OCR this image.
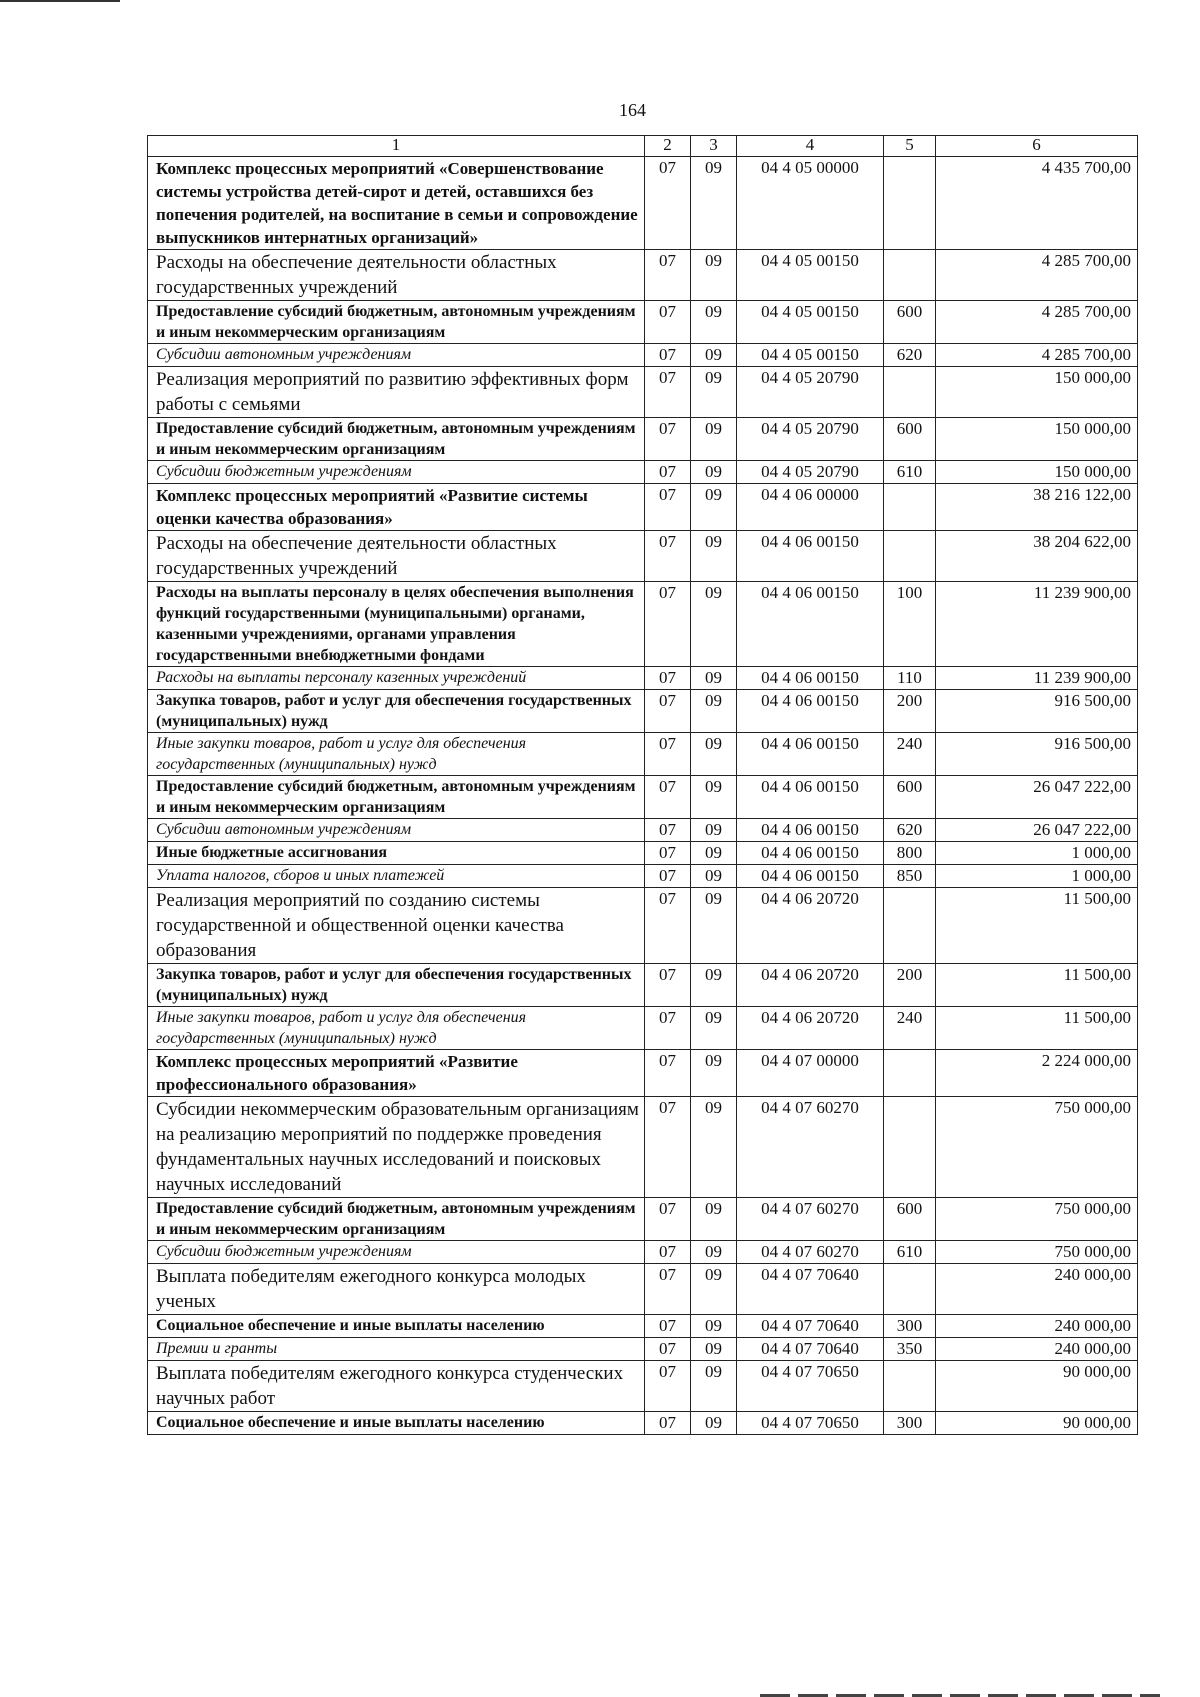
164
1	2	3	4	5	6
Комплекс процессных мероприятий «Совершенствование системы устройства детей-сирот и детей, оставшихся без попечения родителей, на воспитание в семьи и сопровождение выпускников интернатных организаций»	07	09	04 4 05 00000		4 435 700,00
Расходы на обеспечение деятельности областных государственных учреждений	07	09	04 4 05 00150		4 285 700,00
Предоставление субсидий бюджетным, автономным учреждениям и иным некоммерческим организациям	07	09	04 4 05 00150	600	4 285 700,00
Субсидии автономным учреждениям	07	09	04 4 05 00150	620	4 285 700,00
Реализация мероприятий по развитию эффективных форм работы с семьями	07	09	04 4 05 20790		150 000,00
Предоставление субсидий бюджетным, автономным учреждениям и иным некоммерческим организациям	07	09	04 4 05 20790	600	150 000,00
Субсидии бюджетным учреждениям	07	09	04 4 05 20790	610	150 000,00
Комплекс процессных мероприятий «Развитие системы оценки качества образования»	07	09	04 4 06 00000		38 216 122,00
Расходы на обеспечение деятельности областных государственных учреждений	07	09	04 4 06 00150		38 204 622,00
Расходы на выплаты персоналу в целях обеспечения выполнения функций государственными (муниципальными) органами, казенными учреждениями, органами управления государственными внебюджетными фондами	07	09	04 4 06 00150	100	11 239 900,00
Расходы на выплаты персоналу казенных учреждений	07	09	04 4 06 00150	110	11 239 900,00
Закупка товаров, работ и услуг для обеспечения государственных (муниципальных) нужд	07	09	04 4 06 00150	200	916 500,00
Иные закупки товаров, работ и услуг для обеспечения государственных (муниципальных) нужд	07	09	04 4 06 00150	240	916 500,00
Предоставление субсидий бюджетным, автономным учреждениям и иным некоммерческим организациям	07	09	04 4 06 00150	600	26 047 222,00
Субсидии автономным учреждениям	07	09	04 4 06 00150	620	26 047 222,00
Иные бюджетные ассигнования	07	09	04 4 06 00150	800	1 000,00
Уплата налогов, сборов и иных платежей	07	09	04 4 06 00150	850	1 000,00
Реализация мероприятий по созданию системы государственной и общественной оценки качества образования	07	09	04 4 06 20720		11 500,00
Закупка товаров, работ и услуг для обеспечения государственных (муниципальных) нужд	07	09	04 4 06 20720	200	11 500,00
Иные закупки товаров, работ и услуг для обеспечения государственных (муниципальных) нужд	07	09	04 4 06 20720	240	11 500,00
Комплекс процессных мероприятий «Развитие профессионального образования»	07	09	04 4 07 00000		2 224 000,00
Субсидии некоммерческим образовательным организациям на реализацию мероприятий по поддержке проведения фундаментальных научных исследований и поисковых научных исследований	07	09	04 4 07 60270		750 000,00
Предоставление субсидий бюджетным, автономным учреждениям и иным некоммерческим организациям	07	09	04 4 07 60270	600	750 000,00
Субсидии бюджетным учреждениям	07	09	04 4 07 60270	610	750 000,00
Выплата победителям ежегодного конкурса молодых ученых	07	09	04 4 07 70640		240 000,00
Социальное обеспечение и иные выплаты населению	07	09	04 4 07 70640	300	240 000,00
Премии и гранты	07	09	04 4 07 70640	350	240 000,00
Выплата победителям ежегодного конкурса студенческих научных работ	07	09	04 4 07 70650		90 000,00
Социальное обеспечение и иные выплаты населению	07	09	04 4 07 70650	300	90 000,00
